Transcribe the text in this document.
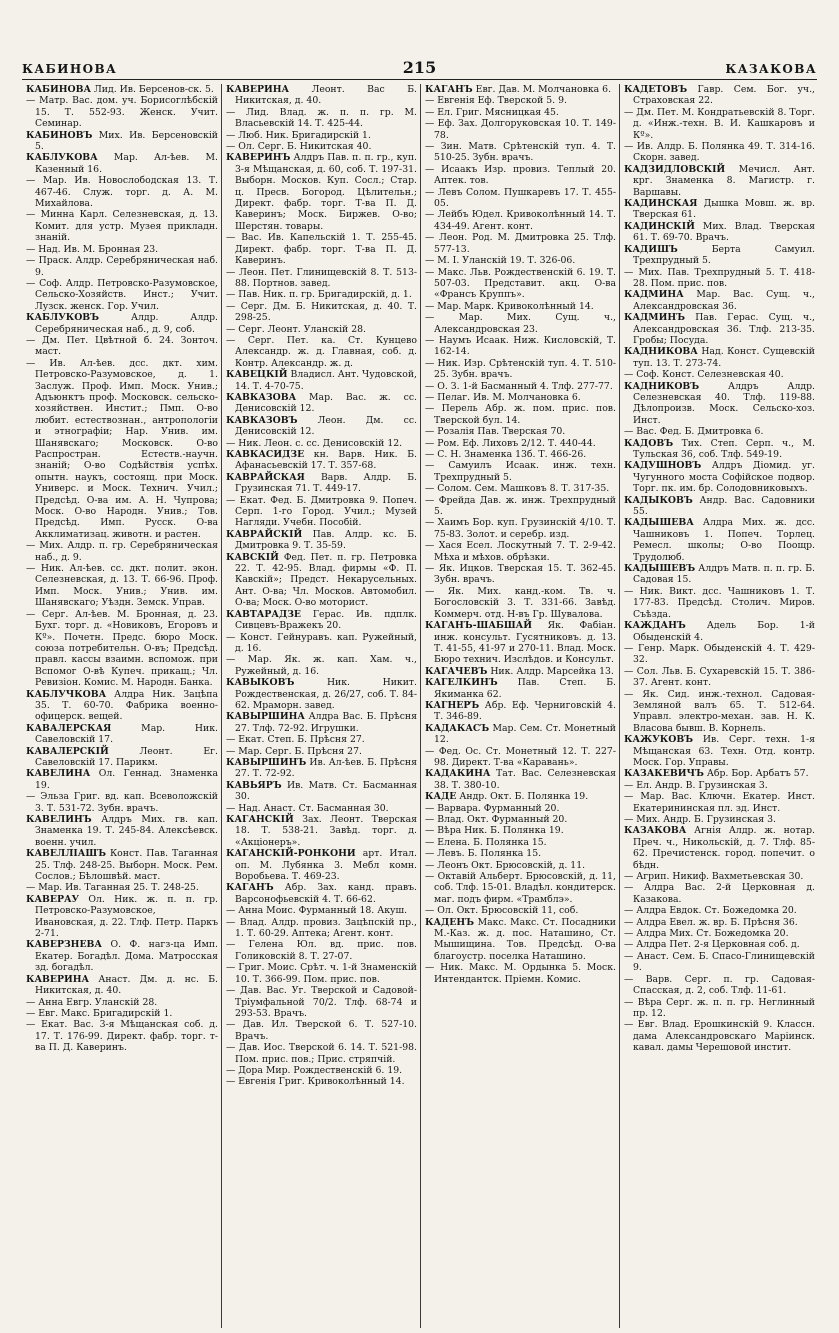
КАБИНОВА	215	КАЗАКОВА
КАБИНОВА Лид. Ив. Берсенов-ск. 5.
— Матр. Вас. дом. уч. Борисоглѣбскій 15. Т. 552-93. Женск. Учит. Семинар.
КАБИНОВЪ Мих. Ив. Берсеновскій 5.
КАБЛУКОВА Мар. Ал-ѣев. М. Казенный 16.
— Мар. Ив. Новослободская 13. Т. 467-46. Служ. торг. д. А. М. Михайлова.
— Минна Карл. Селезневская, д. 13. Комит. для устр. Музея прикладн. знаній.
— Над. Ив. М. Бронная 23.
— Праск. Алдр. Серебряническая наб. 9.
— Соф. Алдр. Петровско-Разумовское, Сельско-Хозяйств. Инст.; Учит. Лузск. женск. Гор. Учил.
КАБЛУКОВЪ Алдр. Алдр. Серебряническая наб., д. 9, соб.
— Дм. Пет. Цвѣтной б. 24. Зонточ. маст.
— Ив. Ал-ѣев. дсс. дкт. хим. Петровско-Разумовское, д. 1. Заслуж. Проф. Имп. Моск. Унив.; Адъюнктъ проф. Московск. сельско-хозяйствен. Инстит.; Пмп. О-во любит. естествознан., антропологіи и этнографіи; Нар. Унив. им. Шанявскаго; Московск. О-во Распростран. Естеств.-научн. знаній; О-во Содѣйствія успѣх. опытн. наукъ, состоящ. при Моск. Универс. и Моск. Технич. Учил.; Предсѣд. О-ва им. А. Н. Чупрова; Моск. О-во Народн. Унив.; Тов. Предсѣд. Имп. Русск. О-ва Акклиматизац. животн. и растен.
— Мих. Алдр. п. гр. Серебряническая наб., д. 9.
— Ник. Ал-ѣев. сс. дкт. полит. экон. Селезневская, д. 13. Т. 66-96. Проф. Имп. Моск. Унив.; Унив. им. Шанявскаго; Уѣздн. Земск. Управ.
— Серг. Ал-ѣев. М. Бронная, д. 23. Бухг. торг. д. «Новиковъ, Егоровъ и Кº». Почетн. Предс. бюро Моск. союза потребительн. О-въ; Предсѣд. правл. кассы взаимн. вспомож. при Вспомог О-вѣ Купеч. прикащ.; Чл. Ревизіон. Комис. М. Народн. Банка.
КАБЛУЧКОВА Алдра Ник. Зацѣпа 35. Т. 60-70. Фабрика военно-офицерск. вещей.
КАВАЛЕРСКАЯ Мар. Ник. Савеловскій 17.
КАВАЛЕРСКІЙ Леонт. Ег. Савеловскій 17. Парикм.
КАВЕЛИНА Ол. Геннад. Знаменка 19.
— Эльза Григ. вд. кап. Всеволожскій 3. Т. 531-72. Зубн. врачъ.
КАВЕЛИНЪ Алдръ Мих. гв. кап. Знаменка 19. Т. 245-84. Алексѣевск. военн. учил.
КАВЕЛЛІАШЪ Конст. Пав. Таганная 25. Тлф. 248-25. Выборн. Моск. Рем. Сослов.; Бѣлошвѣй. маст.
— Мар. Ив. Таганная 25. Т. 248-25.
КАВЕРАУ Ол. Ник. ж. п. п. гр. Петровско-Разумовское, Ивановская, д. 22. Тлф. Петр. Паркъ 2-71.
КАВЕРЗНЕВА О. Ф. нагз-ца Имп. Екатер. Богадѣл. Дома. Матросская зд. богадѣл.
КАВЕРИНА Анаст. Дм. д. нс. Б. Никитская, д. 40.
— Анна Евгр. Уланскій 28.
— Евг. Макс. Бригадирскій 1.
— Екат. Вас. 3-я Мѣщанская соб. д. 17. Т. 176-99. Директ. фабр. торг. т-ва П. Д. Каверинъ.
КАВЕРИНА Леонт. Вас Б. Никитская, д. 40.
— Лид. Влад. ж. п. п. гр. М. Власьевскій 14. Т. 425-44.
— Люб. Ник. Бригадирскій 1.
— Ол. Серг. Б. Никитская 40.
КАВЕРИНЪ Алдръ Пав. п. п. гр., куп. 3-я Мѣщанская, д. 60, соб. Т. 197-31. Выборн. Москов. Куп. Сосл.; Стар. ц. Пресв. Богород. Цѣлительн.; Директ. фабр. торг. Т-ва П. Д. Каверинъ; Моск. Биржев. О-во; Шерстян. товары.
— Вас. Ив. Капельскій 1. Т. 255-45. Директ. фабр. торг. Т-ва П. Д. Каверинъ.
— Леон. Пет. Глинищевскій 8. Т. 513-88. Портнов. завед.
— Пав. Ник. п. гр. Бригадирскій, д. 1.
— Серг. Дм. Б. Никитская, д. 40. Т. 298-25.
— Серг. Леонт. Уланскій 28.
— Серг. Пет. ка. Ст. Кунцево Александр. ж. д. Главная, соб. д. Контр. Александр. ж. д.
КАВЕЦКІЙ Владисл. Ант. Чудовской, 14. Т. 4-70-75.
КАВКАЗОВА Мар. Вас. ж. сс. Денисовскій 12.
КАВКАЗОВЪ Леон. Дм. сс. Денисовскій 12.
— Ник. Леон. с. сс. Денисовскій 12.
КАВКАСИДЗЕ кн. Варв. Ник. Б. Афанасьевскій 17. Т. 357-68.
КАВРАЙСКАЯ Варв. Алдр. Б. Грузинская 71. Т. 449-17.
— Екат. Фед. Б. Дмитровка 9. Попеч. Серп. 1-го Город. Учил.; Музей Нагляди. Учебн. Пособій.
КАВРАЙСКІЙ Пав. Алдр. кс. Б. Дмитровка 9. Т. 35-59.
КАВСКІЙ Фед. Пет. п. гр. Петровка 22. Т. 42-95. Влад. фирмы «Ф. П. Кавскій»; Предст. Некарусельных. Ант. О-ва; Чл. Москов. Автомобил. О-ва; Моск. О-во моторист.
КАВТАРАДЗЕ Герас. Ив. пдплк. Сивцевъ-Вражекъ 20.
— Конст. Гейнуравъ. кап. Ружейный, д. 16.
— Мар. Як. ж. кап. Хам. ч., Ружейный, д. 16.
КАВЫКОВЪ Ник. Никит. Рождественская, д. 26/27, соб. Т. 84-62. Мраморн. завед.
КАВЫРШИНА Алдра Вас. Б. Прѣсня 27. Тлф. 72-92. Игрушки.
— Екат. Степ. Б. Прѣсня 27.
— Мар. Серг. Б. Прѣсня 27.
КАВЫРШИНЪ Ив. Ал-ѣев. Б. Прѣсня 27. Т. 72-92.
КАВЬЯРЪ Ив. Матв. Ст. Басманная 30.
— Над. Анаст. Ст. Басманная 30.
КАГАНСКІЙ Зах. Леонт. Тверская 18. Т. 538-21. Завѣд. торг. д. «Акціонеръ».
КАГАНСКІЙ-РОНКОНИ арт. Итал. оп. М. Лубянка 3. Мебл комн. Воробьева. Т. 469-23.
КАГАНЪ Абр. Зах. канд. правъ. Варсонофьевскій 4. Т. 66-62.
— Анна Моис. Фурманный 18. Акуш.
— Влад. Алдр. провиз. Зацѣпскій пр., 1. Т. 60-29. Аптека; Агент. конт.
— Гелена Юл. вд. прис. пов. Голиковскій 8. Т. 27-07.
— Григ. Моис. Срѣт. ч. 1-й Знаменскій 10. Т. 366-99. Пом. прис. пов.
— Дав. Вас. Уг. Тверской и Садовой-Тріумфальной 70/2. Тлф. 68-74 и 293-53. Врачъ.
— Дав. Ил. Тверской 6. Т. 527-10. Врачъ.
— Дав. Иос. Тверской 6. 14. Т. 521-98. Пом. прис. пов.; Прис. стряпчій.
— Дора Мир. Рождественскій 6. 19.
— Евгенія Григ. Кривоколѣнный 14.
КАГАНЪ Евг. Дав. М. Молчановка 6.
— Евгенія Еф. Тверской 5. 9.
— Ел. Григ. Мясницкая 45.
— Еф. Зах. Долгоруковская 10. Т. 149-78.
— Зин. Матв. Срѣтенскій туп. 4. Т. 510-25. Зубн. врачъ.
— Исаакъ Изр. провиз. Теплый 20. Аптек. тов.
— Левъ Солом. Пушкаревъ 17. Т. 455-05.
— Лейбъ Юдел. Кривоколѣнный 14. Т. 434-49. Агент. конт.
— Леон. Род. М. Дмитровка 25. Тлф. 577-13.
— М. І. Уланскій 19. Т. 326-06.
— Макс. Льв. Рождественскій 6. 19. Т. 507-03. Представит. акц. О-ва «Франсъ Круппъ».
— Мар. Марк. Кривоколѣнный 14.
— Мар. Мих. Сущ. ч., Александровская 23.
— Наумъ Исаак. Ниж. Кисловскій, Т. 162-14.
— Ник. Изр. Срѣтенскій туп. 4. Т. 510-25. Зубн. врачъ.
— О. З. 1-й Басманный 4. Тлф. 277-77.
— Пелаг. Ив. М. Молчановка 6.
— Перель Абр. ж. пом. прис. пов. Тверской бул. 14.
— Розалія Пав. Тверская 70.
— Ром. Еф. Лиховъ 2/12. Т. 440-44.
— С. Н. Знаменка 13б. Т. 466-26.
— Самуилъ Исаак. инж. техн. Трехпрудный 5.
— Солом. Сем. Машковъ 8. Т. 317-35.
— Фрейда Дав. ж. инж. Трехпрудный 5.
— Хаимъ Бор. куп. Грузинскій 4/10. Т. 75-83. Золот. и серебр. изд.
— Хася Есел. Лоскутный 7. Т. 2-9-42. Мѣха и мѣхов. обрѣзки.
— Як. Ицков. Тверская 15. Т. 362-45. Зубн. врачъ.
— Як. Мих. канд.-ком. Тв. ч. Богословскій 3. Т. 331-66. Завѣд. Коммерч. отд. Н-въ Гр. Шувалова.
КАГАНЪ-ШАБШАЙ Як. Фабіан. инж. консульт. Гусятниковъ. д. 13. Т. 41-55, 41-97 и 270-11. Влад. Моск. Бюро технич. Изслѣдов. и Консульт.
КАГАЧЕВЪ Ник. Алдр. Марсейка 13.
КАГЕЛКИНЪ Пав. Степ. Б. Якиманка 62.
КАГНЕРЪ Абр. Еф. Черниговскій 4. Т. 346-89.
КАДАКАСЪ Мар. Сем. Ст. Монетный 12.
— Фед. Ос. Ст. Монетный 12. Т. 227-98. Директ. Т-ва «Каравань».
КАДАКИНА Тат. Вас. Селезневская 38. Т. 380-10.
КАДЕ Андр. Окт. Б. Полянка 19.
— Варвара. Фурманный 20.
— Влад. Окт. Фурманный 20.
— Вѣра Ник. Б. Полянка 19.
— Елена. Б. Полянка 15.
— Левъ. Б. Полянка 15.
— Леонъ Окт. Брюсовскій, д. 11.
— Октавій Альберт. Брюсовскій, д. 11, соб. Тлф. 15-01. Владѣл. кондитерск. маг. подъ фирм. «Трамблэ».
— Ол. Окт. Брюсовскій 11, соб.
КАДЕНЪ Макс. Макс. Ст. Посадники М.-Каз. ж. д. пос. Наташино, Ст. Мышищина. Тов. Предсѣд. О-ва благоустр. поселка Наташино.
— Ник. Макс. М. Ордынка 5. Моск. Интендантск. Пріемн. Комис.
КАДЕТОВЪ Гавр. Сем. Бог. уч., Страховская 22.
— Дм. Пет. М. Кондратьевскій 8. Торг. д. «Инж.-техн. В. И. Кашкаровъ и Кº».
— Ив. Алдр. Б. Полянка 49. Т. 314-16. Скорн. завед.
КАДЗИДЛОВСКІЙ Мечисл. Ант. крг. Знаменка 8. Магистр. г. Варшавы.
КАДИНСКАЯ Дышка Мовш. ж. вр. Тверская 61.
КАДИНСКІЙ Мих. Влад. Тверская 61. Т. 69-70. Врачъ.
КАДИШЪ Берта Самуил. Трехпрудный 5.
— Мих. Пав. Трехпрудный 5. Т. 418-28. Пом. прис. пов.
КАДМИНА Мар. Вас. Сущ. ч., Александровская 36.
КАДМИНЪ Пав. Герас. Сущ. ч., Александровская 36. Тлф. 213-35. Гробы; Посуда.
КАДНИКОВА Над. Конст. Сущевскій туп. 13. Т. 273-74.
— Соф. Конст. Селезневская 40.
КАДНИКОВЪ Алдръ Алдр. Селезневская 40. Тлф. 119-88. Дѣлопроизв. Моск. Сельско-хоз. Инст.
— Вас. Фед. Б. Дмитровка 6.
КАДОВЪ Тих. Степ. Серп. ч., М. Тульская 36, соб. Тлф. 549-19.
КАДУШНОВЪ Алдръ Діомид. уг. Чугунного моста Софійское подвор. Торг. пк. им. бр. Солодовниковыхъ.
КАДЫКОВЪ Андр. Вас. Садовники 55.
КАДЫШЕВА Алдра Мих. ж. дсс. Чашниковъ 1. Попеч. Торлец. Ремесл. школы; О-во Поощр. Трудолюб.
КАДЫШЕВЪ Алдръ Матв. п. п. гр. Б. Садовая 15.
— Ник. Викт. дсс. Чашниковъ 1. Т. 177-83. Предсѣд. Столич. Миров. Съѣзда.
КАЖДАНЪ Адель Бор. 1-й Обыденскій 4.
— Генр. Марк. Обыденскій 4. Т. 429-32.
— Сол. Льв. Б. Сухаревскій 15. Т. 386-37. Агент. конт.
— Як. Сид. инж.-технол. Садовая-Земляной валъ 65. Т. 512-64. Управл. электро-механ. зав. Н. К. Власова бывш. В. Корнель.
КАЖУКОВЪ Ив. Серг. техн. 1-я Мѣщанская 63. Техн. Отд. контр. Моск. Гор. Управы.
КАЗАКЕВИЧЪ Абр. Бор. Арбатъ 57.
— Ел. Андр. В. Грузинская 3.
— Мар. Вас. Ключн. Екатер. Инст. Екатерининская пл. зд. Инст.
— Мих. Андр. Б. Грузинская 3.
КАЗАКОВА Агнія Алдр. ж. нотар. Преч. ч., Никольскій, д. 7. Тлф. 85-62. Пречистенск. город. попечит. о бѣдн.
— Агрип. Никиф. Вахметьевская 30.
— Алдра Вас. 2-й Церковная д. Казакова.
— Алдра Евдок. Ст. Божедомка 20.
— Алдра Евел. ж. вр. Б. Прѣсня 36.
— Алдра Мих. Ст. Божедомка 20.
— Алдра Пет. 2-я Церковная соб. д.
— Анаст. Сем. Б. Спасо-Глинищевскій 9.
— Варв. Серг. п. гр. Садовая-Спасская, д. 2, соб. Тлф. 11-61.
— Вѣра Серг. ж. п. п. гр. Неглинный пр. 12.
— Евг. Влад. Ерошкинскій 9. Классн. дама Александровскаго Маріинск. кавал. дамы Черешовой инстит.
